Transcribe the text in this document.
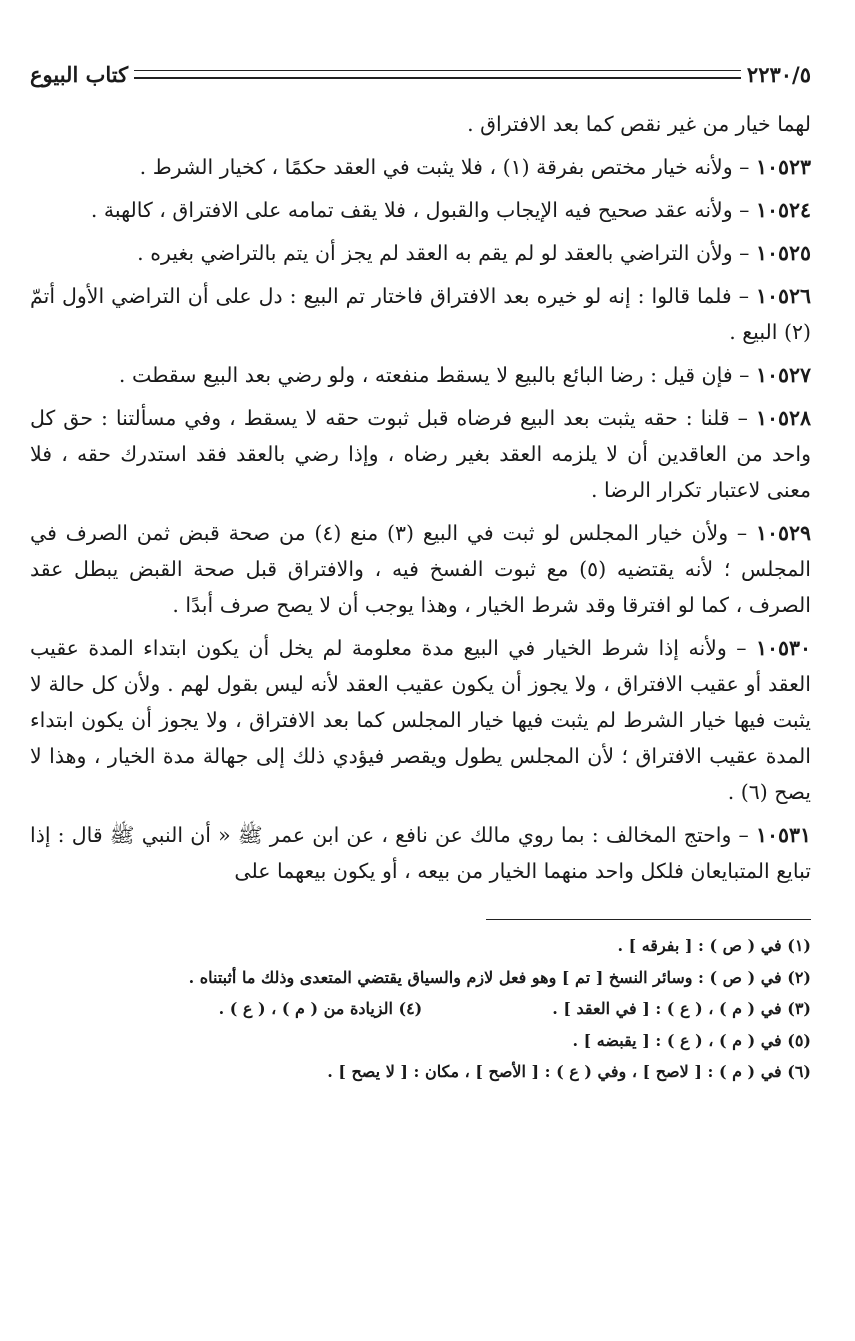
٢٢٣٠/٥
كتاب البيوع

لهما خيار من غير نقص كما بعد الافتراق .

١٠٥٢٣ – ولأنه خيار مختص بفرقة (١) ، فلا يثبت في العقد حكمًا ، كخيار الشرط .

١٠٥٢٤ – ولأنه عقد صحيح فيه الإيجاب والقبول ، فلا يقف تمامه على الافتراق ، كالهبة .

١٠٥٢٥ – ولأن التراضي بالعقد لو لم يقم به العقد لم يجز أن يتم بالتراضي بغيره .

١٠٥٢٦ – فلما قالوا : إنه لو خيره بعد الافتراق فاختار تم البيع : دل على أن التراضي الأول أتمّ (٢) البيع .

١٠٥٢٧ – فإن قيل : رضا البائع بالبيع لا يسقط منفعته ، ولو رضي بعد البيع سقطت .

١٠٥٢٨ – قلنا : حقه يثبت بعد البيع فرضاه قبل ثبوت حقه لا يسقط ، وفي مسألتنا : حق كل واحد من العاقدين أن لا يلزمه العقد بغير رضاه ، وإذا رضي بالعقد فقد استدرك حقه ، فلا معنى لاعتبار تكرار الرضا .

١٠٥٢٩ – ولأن خيار المجلس لو ثبت في البيع (٣) منع (٤) من صحة قبض ثمن الصرف في المجلس ؛ لأنه يقتضيه (٥) مع ثبوت الفسخ فيه ، والافتراق قبل صحة القبض يبطل عقد الصرف ، كما لو افترقا وقد شرط الخيار ، وهذا يوجب أن لا يصح صرف أبدًا .

١٠٥٣٠ – ولأنه إذا شرط الخيار في البيع مدة معلومة لم يخل أن يكون ابتداء المدة عقيب العقد أو عقيب الافتراق ، ولا يجوز أن يكون عقيب العقد لأنه ليس بقول لهم . ولأن كل حالة لا يثبت فيها خيار الشرط لم يثبت فيها خيار المجلس كما بعد الافتراق ، ولا يجوز أن يكون ابتداء المدة عقيب الافتراق ؛ لأن المجلس يطول ويقصر فيؤدي ذلك إلى جهالة مدة الخيار ، وهذا لا يصح (٦) .

١٠٥٣١ – واحتج المخالف : بما روي مالك عن نافع ، عن ابن عمر ﷺ « أن النبي ﷺ قال : إذا تبايع المتبايعان فلكل واحد منهما الخيار من بيعه ، أو يكون بيعهما على

(١) في ( ص ) : [ بفرقه ] .

(٢) في ( ص ) : وسائر النسخ [ تم ] وهو فعل لازم والسياق يقتضي المتعدى وذلك ما أثبتناه .

(٣) في ( م ) ، ( ع ) : [ في العقد ] .

(٤) الزيادة من ( م ) ، ( ع ) .

(٥) في ( م ) ، ( ع ) : [ يقبضه ] .

(٦) في ( م ) : [ لاصح ] ، وفي ( ع ) : [ الأصح ] ، مكان : [ لا يصح ] .
